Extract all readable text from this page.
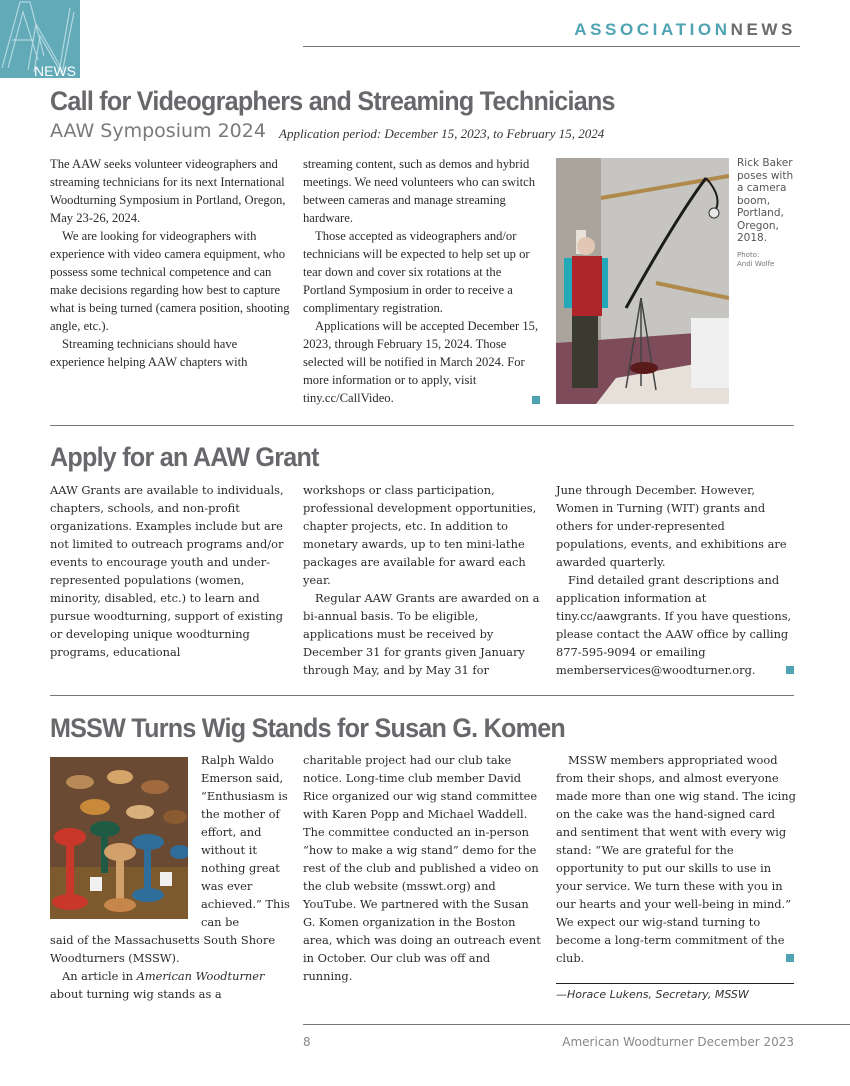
NEWS
ASSOCIATIONNEWS
Call for Videographers and Streaming Technicians
AAW Symposium 2024 Application period: December 15, 2023, to February 15, 2024

The AAW seeks volunteer videographers and streaming technicians for its next International Woodturning Symposium in Portland, Oregon, May 23-26, 2024.

We are looking for videographers with experience with video camera equipment, who possess some technical competence and can make decisions regarding how best to capture what is being turned (camera position, shooting angle, etc.).

Streaming technicians should have experience helping AAW chapters with

streaming content, such as demos and hybrid meetings. We need volunteers who can switch between cameras and manage streaming hardware.

Those accepted as videographers and/or technicians will be expected to help set up or tear down and cover six rotations at the Portland Symposium in order to receive a complimentary registration.

Applications will be accepted December 15, 2023, through February 15, 2024. Those selected will be notified in March 2024. For more information or to apply, visit tiny.cc/CallVideo.

Rick Baker poses with a camera boom, Portland, Oregon, 2018.
Photo:
Andi Wolfe
Apply for an AAW Grant

AAW Grants are available to individuals, chapters, schools, and non-profit organizations. Examples include but are not limited to outreach programs and/or events to encourage youth and under-represented populations (women, minority, disabled, etc.) to learn and pursue woodturning, support of existing or developing unique woodturning programs, educational

workshops or class participation, professional development opportunities, chapter projects, etc. In addition to monetary awards, up to ten mini-lathe packages are available for award each year.

Regular AAW Grants are awarded on a bi-annual basis. To be eligible, applications must be received by December 31 for grants given January through May, and by May 31 for

June through December. However, Women in Turning (WIT) grants and others for under-represented populations, events, and exhibitions are awarded quarterly.

Find detailed grant descriptions and application information at tiny.cc/aawgrants. If you have questions, please contact the AAW office by calling 877-595-9094 or emailing memberservices@woodturner.org.

MSSW Turns Wig Stands for Susan G. Komen

Ralph Waldo Emerson said, “Enthusiasm is the mother of effort, and without it nothing great was ever achieved.” This can be

said of the Massachusetts South Shore Woodturners (MSSW).

An article in American Woodturner about turning wig stands as a

charitable project had our club take notice. Long-time club member David Rice organized our wig stand committee with Karen Popp and Michael Waddell. The committee conducted an in-person “how to make a wig stand” demo for the rest of the club and published a video on the club website (msswt.org) and YouTube. We partnered with the Susan G. Komen organization in the Boston area, which was doing an outreach event in October. Our club was off and running.

MSSW members appropriated wood from their shops, and almost everyone made more than one wig stand. The icing on the cake was the hand-signed card and sentiment that went with every wig stand: “We are grateful for the opportunity to put our skills to use in your service. We turn these with you in our hearts and your well-being in mind.” We expect our wig-stand turning to become a long-term commitment of the club.

—Horace Lukens, Secretary, MSSW
8	American Woodturner December 2023
